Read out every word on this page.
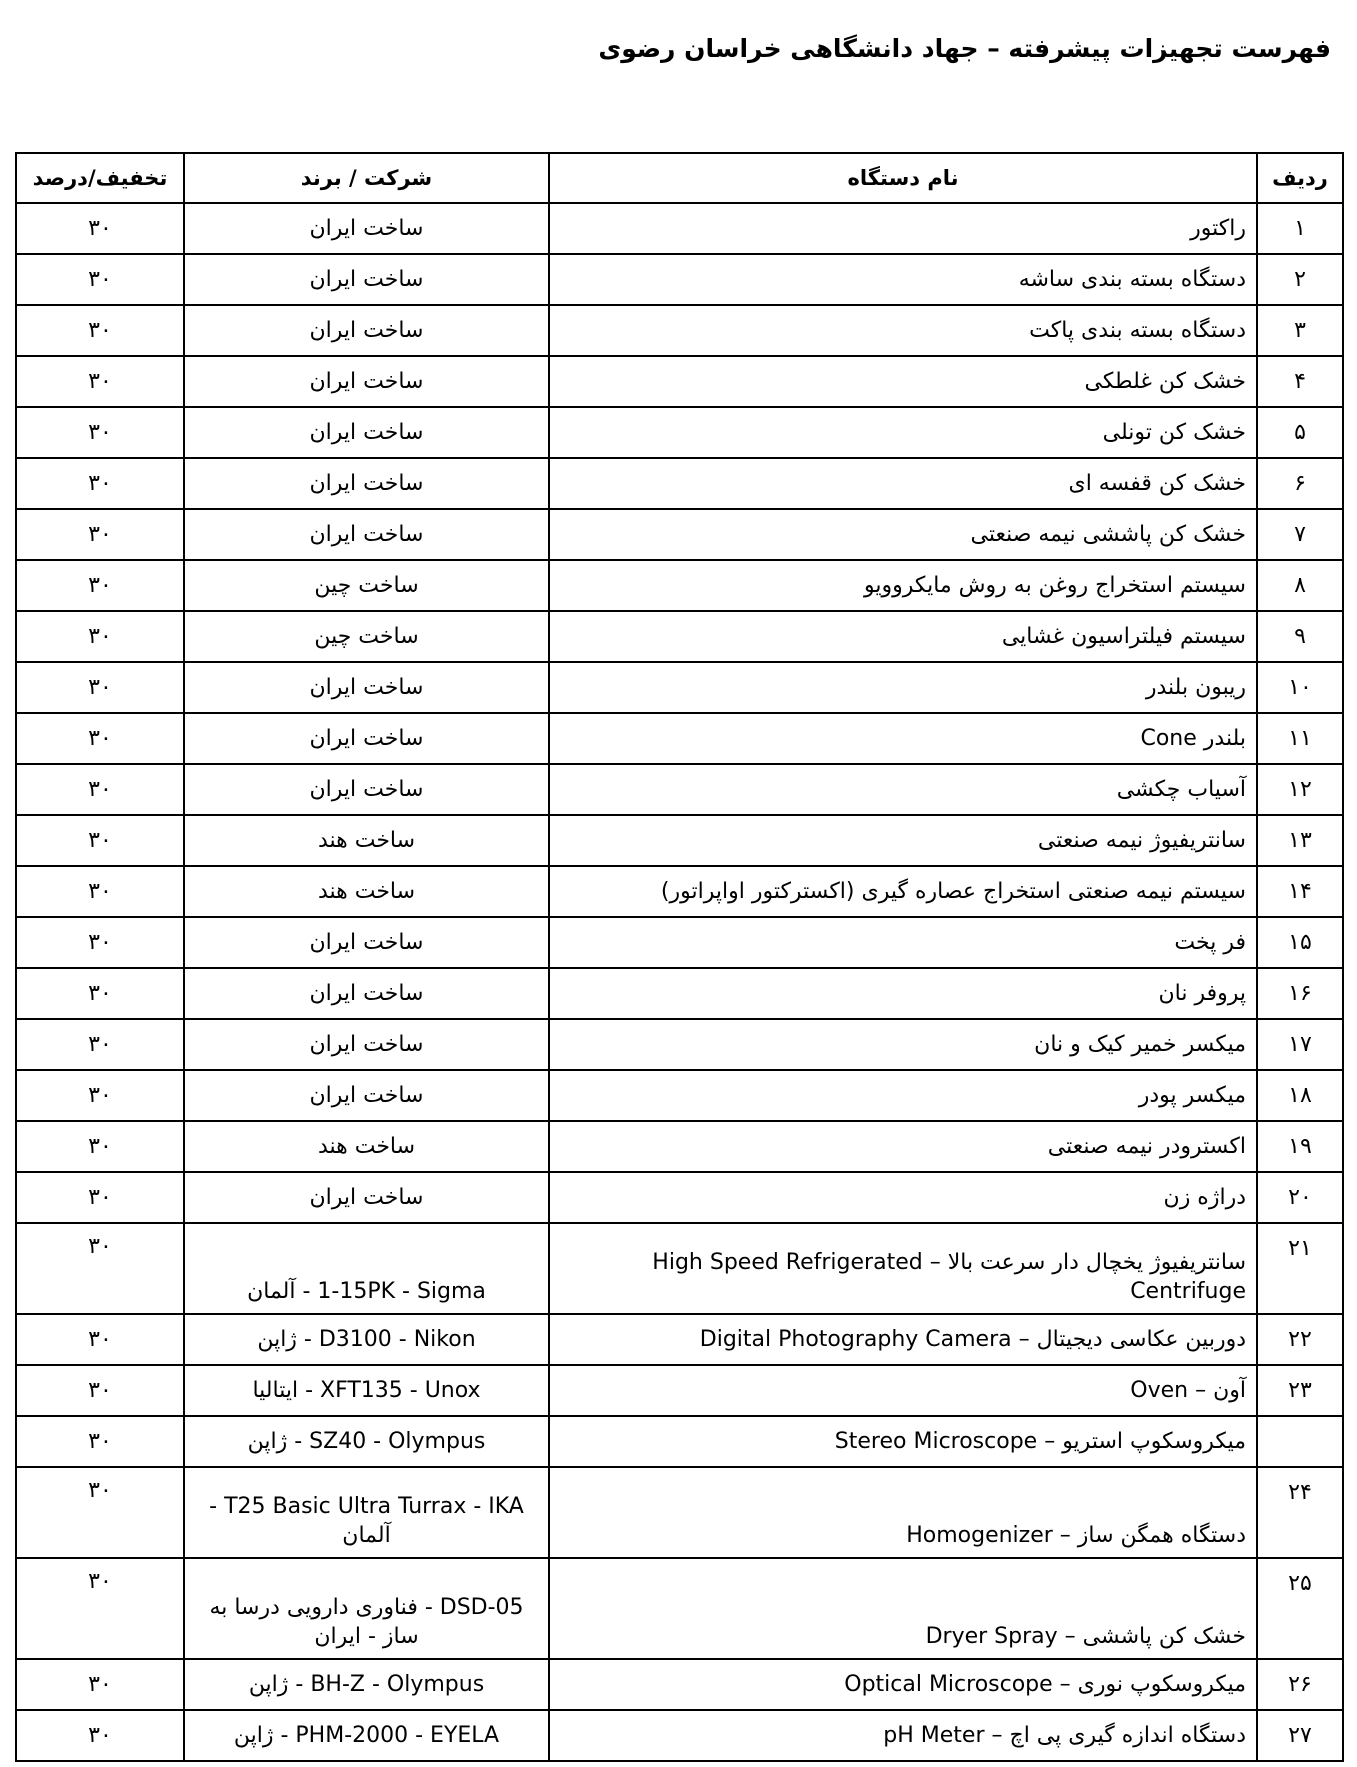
فهرست تجهیزات پیشرفته – جهاد دانشگاهی خراسان رضوی
ردیف	نام دستگاه	شرکت / برند	تخفیف/درصد
۱	راکتور	ساخت ایران	۳۰
۲	دستگاه بسته بندی ساشه	ساخت ایران	۳۰
۳	دستگاه بسته بندی پاکت	ساخت ایران	۳۰
۴	خشک کن غلطکی	ساخت ایران	۳۰
۵	خشک کن تونلی	ساخت ایران	۳۰
۶	خشک کن قفسه ای	ساخت ایران	۳۰
۷	خشک کن پاششی نیمه صنعتی	ساخت ایران	۳۰
۸	سیستم استخراج روغن به روش مایکروویو	ساخت چین	۳۰
۹	سیستم فیلتراسیون غشایی	ساخت چین	۳۰
۱۰	ریبون بلندر	ساخت ایران	۳۰
۱۱	بلندر Cone	ساخت ایران	۳۰
۱۲	آسیاب چکشی	ساخت ایران	۳۰
۱۳	سانتریفیوژ نیمه صنعتی	ساخت هند	۳۰
۱۴	سیستم نیمه صنعتی استخراج عصاره گیری (اکسترکتور اواپراتور)	ساخت هند	۳۰
۱۵	فر پخت	ساخت ایران	۳۰
۱۶	پروفر نان	ساخت ایران	۳۰
۱۷	میکسر خمیر کیک و نان	ساخت ایران	۳۰
۱۸	میکسر پودر	ساخت ایران	۳۰
۱۹	اکسترودر نیمه صنعتی	ساخت هند	۳۰
۲۰	دراژه زن	ساخت ایران	۳۰
۲۱	سانتریفیوژ یخچال دار سرعت بالا – High Speed Refrigerated Centrifuge	1-15PK - Sigma - آلمان	۳۰
۲۲	دوربین عکاسی دیجیتال – Digital Photography Camera	D3100 - Nikon - ژاپن	۳۰
۲۳	آون – Oven	XFT135 - Unox - ایتالیا	۳۰
	میکروسکوپ استریو – Stereo Microscope	SZ40 - Olympus - ژاپن	۳۰
۲۴	دستگاه همگن ساز – Homogenizer	T25 Basic Ultra Turrax - IKA - آلمان	۳۰
۲۵	خشک کن پاششی – Dryer Spray	DSD-05 - فناوری دارویی درسا به ساز - ایران	۳۰
۲۶	میکروسکوپ نوری – Optical Microscope	BH-Z - Olympus - ژاپن	۳۰
۲۷	دستگاه اندازه گیری پی اچ – pH Meter	PHM-2000 - EYELA - ژاپن	۳۰
